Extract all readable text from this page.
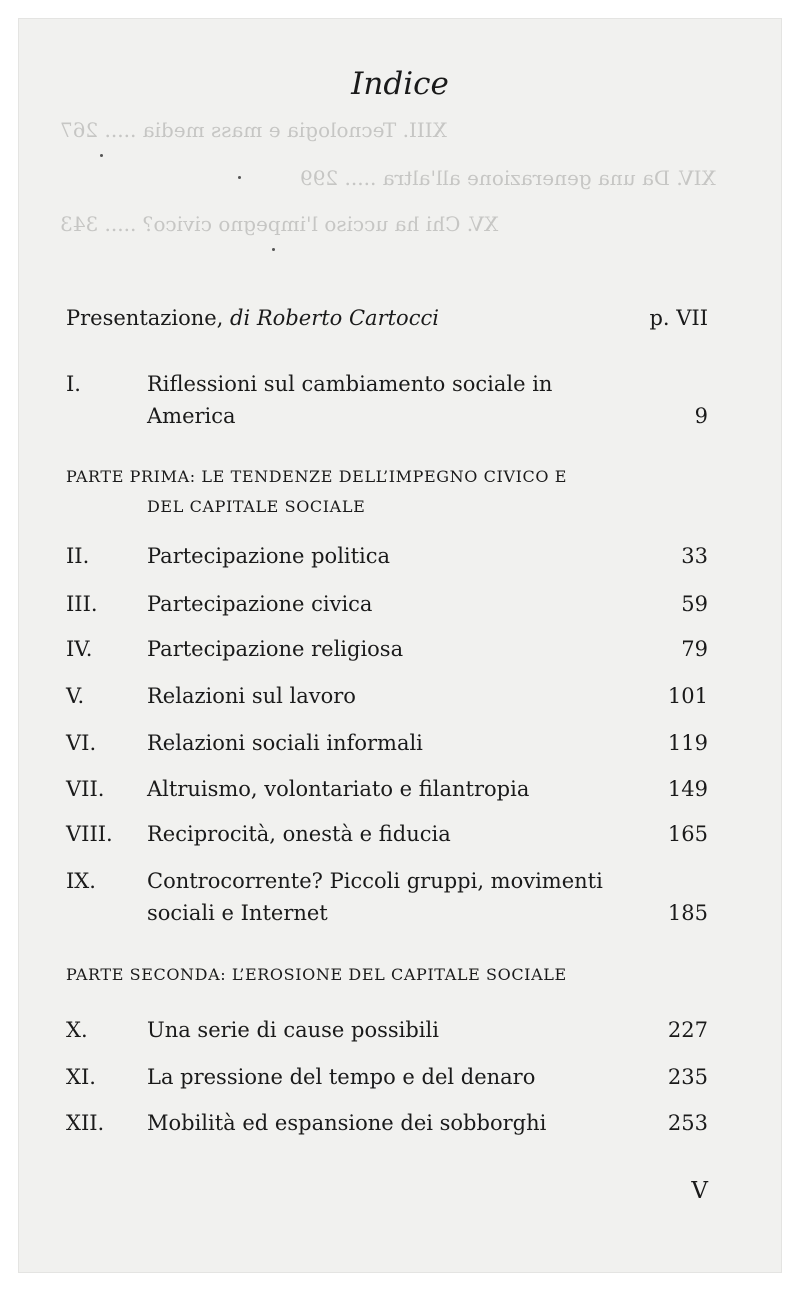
XIII. Tecnologia e mass media ..... 267
XIV. Da una generazione all'altra ..... 299
XV. Chi ha ucciso l'impegno civico? ..... 343
Indice
Presentazione, di Roberto Cartocci	p. VII
I.	Riflessioni sul cambiamento sociale in America	9
PARTE PRIMA: LE TENDENZE DELL’IMPEGNO CIVICO E
DEL CAPITALE SOCIALE
II.	Partecipazione politica	33
III. Partecipazione civica	59
IV.	Partecipazione religiosa	79
V.	Relazioni sul lavoro	101
VI. Relazioni sociali informali	119
VII. Altruismo, volontariato e filantropia	149
VIII. Reciprocità, onestà e fiducia	165
IX. Controcorrente? Piccoli gruppi, movimenti sociali e Internet	185
PARTE SECONDA: L’EROSIONE DEL CAPITALE SOCIALE
X.	Una serie di cause possibili	227
XI. La pressione del tempo e del denaro	235
XII. Mobilità ed espansione dei sobborghi	253
V
